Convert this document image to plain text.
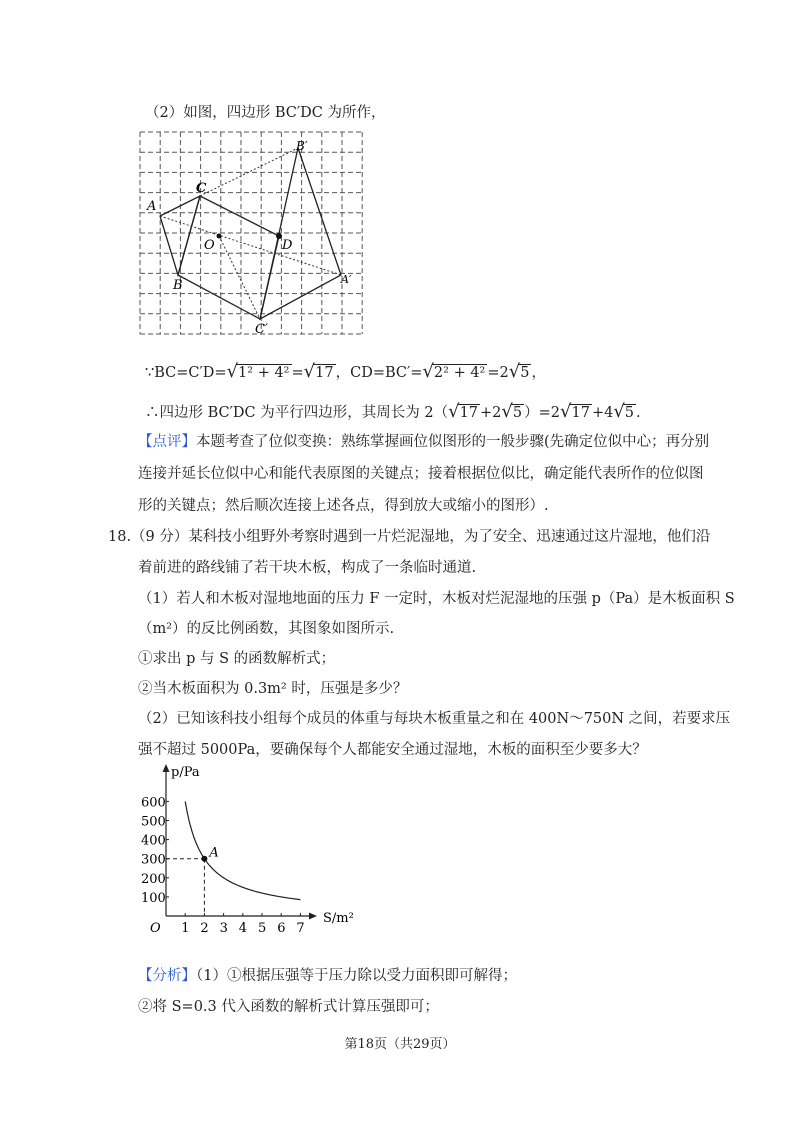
（2）如图，四边形 BC′DC 为所作，
A
C
O	D
B
B′
A′
C′
∵BC=C′D=√1² + 4² =√17 ，CD=BC′=√2² + 4² =2√5 ，
∴四边形 BC′DC 为平行四边形，其周长为 2（√17 +2√5 ）=2√17 +4√5 .
【点评】本题考查了位似变换：熟练掌握画位似图形的一般步骤(先确定位似中心；再分别
连接并延长位似中心和能代表原图的关键点；接着根据位似比，确定能代表所作的位似图
形的关键点；然后顺次连接上述各点，得到放大或缩小的图形）.
18.（9 分）某科技小组野外考察时遇到一片烂泥湿地，为了安全、迅速通过这片湿地，他们沿
着前进的路线铺了若干块木板，构成了一条临时通道.
（1）若人和木板对湿地地面的压力 F 一定时，木板对烂泥湿地的压强 p（Pa）是木板面积 S
（m²）的反比例函数，其图象如图所示.
①求出 p 与 S 的函数解析式；
②当木板面积为 0.3m² 时，压强是多少？
（2）已知该科技小组每个成员的体重与每块木板重量之和在 400N～750N 之间，若要求压
强不超过 5000Pa，要确保每个人都能安全通过湿地，木板的面积至少要多大？
p/Pa
S/m²
O 1 2 3 4 5 6 7
100
200
300
400
500
600
A
【分析】（1）①根据压强等于压力除以受力面积即可解得；
②将 S=0.3 代入函数的解析式计算压强即可；
第18页（共29页）
